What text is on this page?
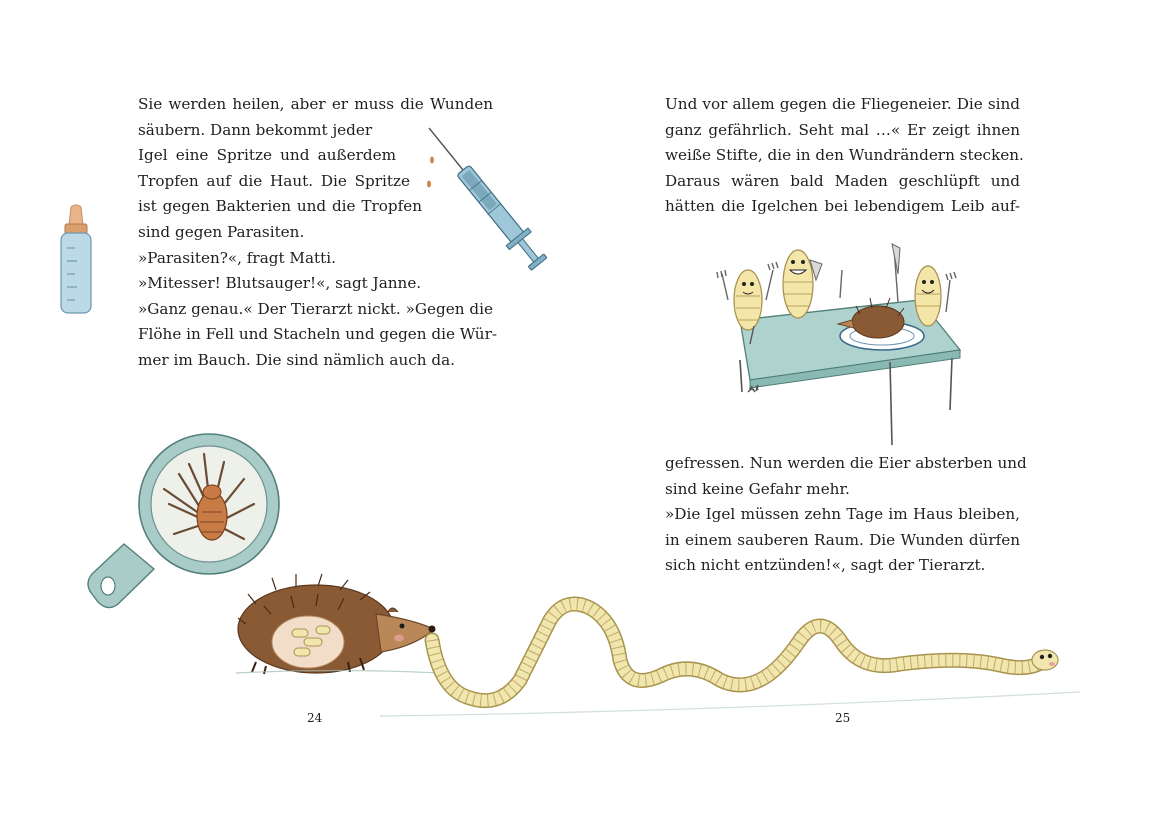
Sie werden heilen, aber er muss die Wunden
säubern. Dann bekommt jeder
Igel eine Spritze und außerdem
Tropfen auf die Haut. Die Spritze
ist gegen Bakterien und die Tropfen
sind gegen Parasiten.
»Parasiten?«, fragt Matti.
»Mitesser! Blutsauger!«, sagt Janne.
»Ganz genau.« Der Tierarzt nickt. »Gegen die
Flöhe in Fell und Stacheln und gegen die Wür-
mer im Bauch. Die sind nämlich auch da.
24
Und vor allem gegen die Fliegeneier. Die sind
ganz gefährlich. Seht mal …« Er zeigt ihnen
weiße Stifte, die in den Wundrändern stecken.
Daraus wären bald Maden geschlüpft und
hätten die Igelchen bei lebendigem Leib auf-
gefressen. Nun werden die Eier absterben und
sind keine Gefahr mehr.
»Die Igel müssen zehn Tage im Haus bleiben,
in einem sauberen Raum. Die Wunden dürfen
sich nicht entzünden!«, sagt der Tierarzt.
25
